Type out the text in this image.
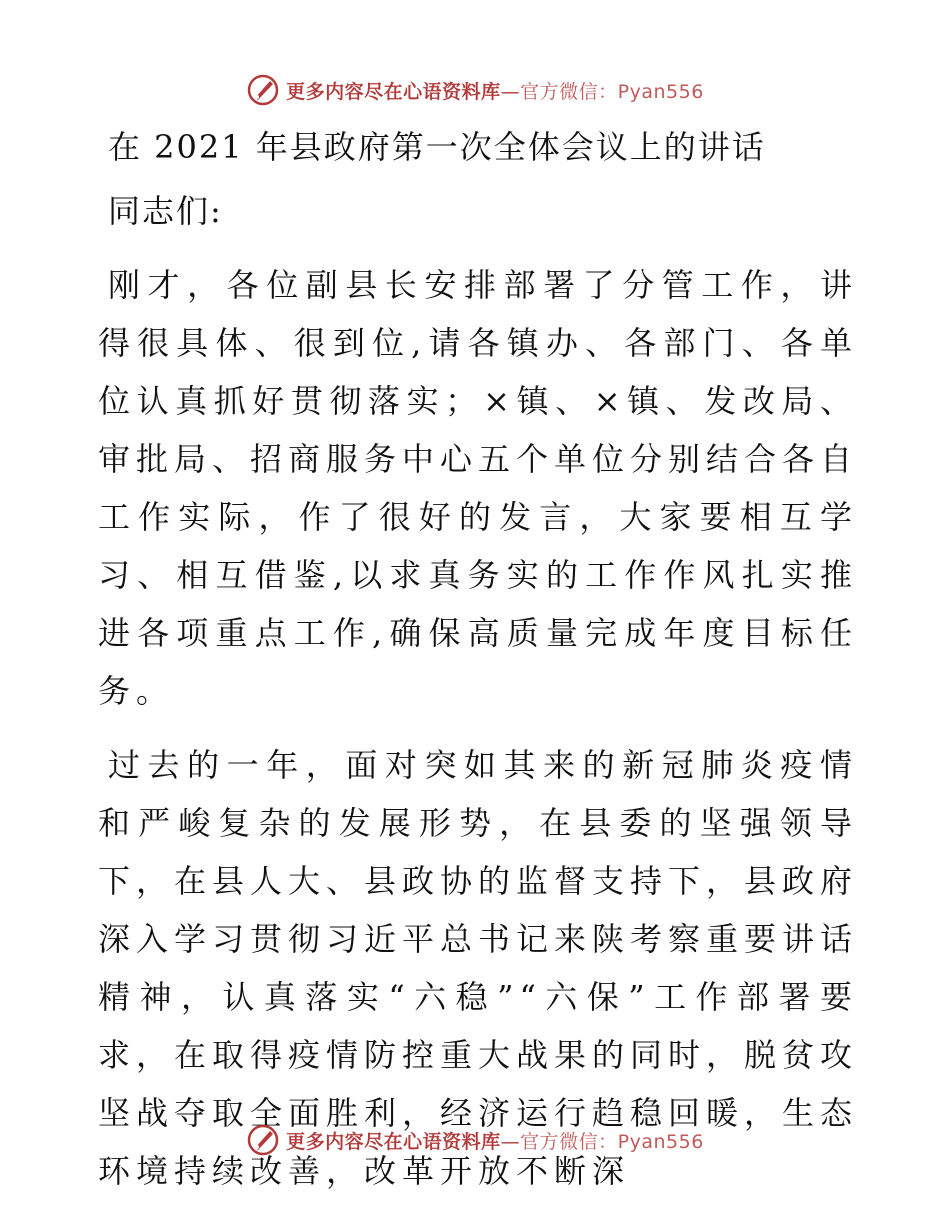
更多内容尽在心语资料库—官方微信：Pyan556
在 2021 年县政府第一次全体会议上的讲话
同志们:

刚才，各位副县长安排部署了分管工作，讲得很具体、很到位,请各镇办、各部门、各单位认真抓好贯彻落实；×镇、×镇、发改局、审批局、招商服务中心五个单位分别结合各自工作实际，作了很好的发言，大家要相互学习、相互借鉴,以求真务实的工作作风扎实推进各项重点工作,确保高质量完成年度目标任务。

过去的一年，面对突如其来的新冠肺炎疫情和严峻复杂的发展形势，在县委的坚强领导下，在县人大、县政协的监督支持下，县政府深入学习贯彻习近平总书记来陕考察重要讲话精神，认真落实“六稳”“六保”工作部署要求，在取得疫情防控重大战果的同时，脱贫攻坚战夺取全面胜利，经济运行趋稳回暖，生态环境持续改善，改革开放不断深

更多内容尽在心语资料库—官方微信：Pyan556
